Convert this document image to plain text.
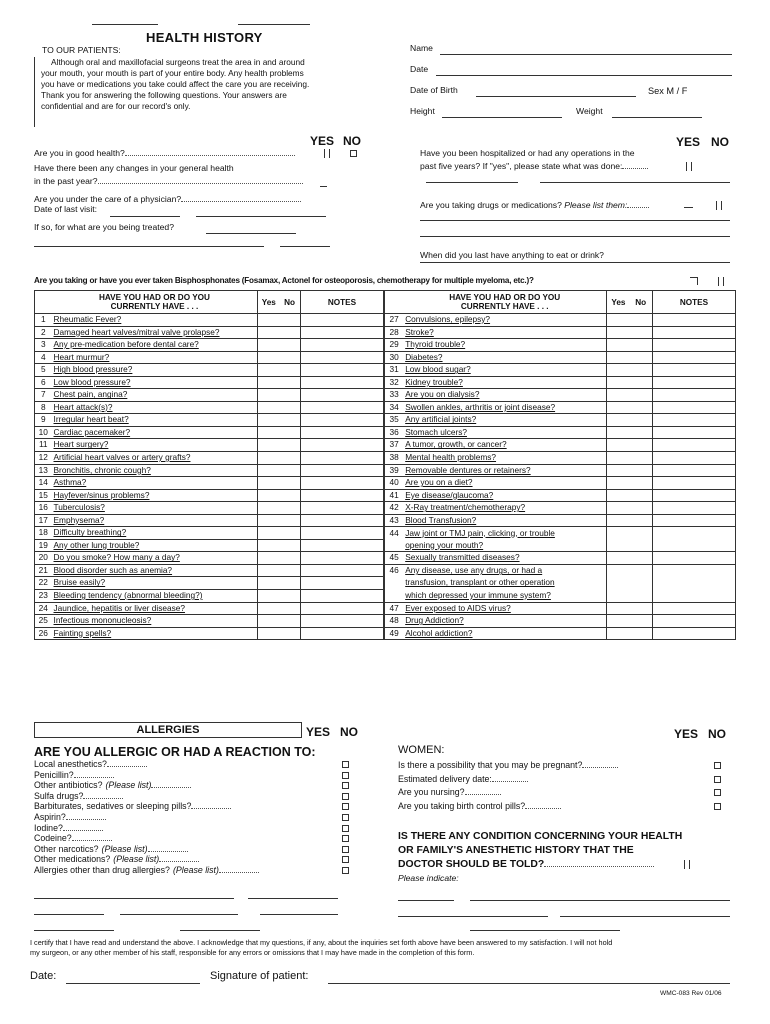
HEALTH HISTORY
TO OUR PATIENTS:
Although oral and maxillofacial surgeons treat the area in and around
your mouth, your mouth is part of your entire body. Any health problems
you have or medications you take could affect the care you are receiving.
Thank you for answering the following questions. Your answers are
confidential and are for our record's only.
Name
Date
Date of Birth	Sex M / F
Height	Weight
YES NO	YES NO
Are you in good health?
Have there been any changes in your general health
in the past year?
Are you under the care of a physician?
Date of last visit:
If so, for what are you being treated?
Have you been hospitalized or had any operations in the
past five years? If "yes", please state what was done:
Are you taking drugs or medications? Please list them:
When did you last have anything to eat or drink?
Are you taking or have you ever taken Bisphosphonates (Fosamax, Actonel for osteoporosis, chemotherapy for multiple myeloma, etc.)?

	HAVE YOU HAD OR DO YOU CURRENTLY HAVE . . .	Yes	No	NOTES
1	Rheumatic Fever?			
2	Damaged heart valves/mitral valve prolapse?			
3	Any pre-medication before dental care?			
4	Heart murmur?			
5	High blood pressure?			
6	Low blood pressure?			
7	Chest pain, angina?			
8	Heart attack(s)?			
9	Irregular heart beat?			
10	Cardiac pacemaker?			
11	Heart surgery?			
12	Artificial heart valves or artery grafts?			
13	Bronchitis, chronic cough?			
14	Asthma?			
15	Hayfever/sinus problems?			
16	Tuberculosis?			
17	Emphysema?			
18	Difficulty breathing?			
19	Any other lung trouble?			
20	Do you smoke? How many a day?			
21	Blood disorder such as anemia?			
22	Bruise easily?			
23	Bleeding tendency (abnormal bleeding?)			
24	Jaundice, hepatitis or liver disease?			
25	Infectious mononucleosis?			
26	Fainting spells?			

	HAVE YOU HAD OR DO YOU CURRENTLY HAVE . . .	Yes	No	NOTES
27	Convulsions, epilepsy?			
28	Stroke?			
29	Thyroid trouble?			
30	Diabetes?			
31	Low blood sugar?			
32	Kidney trouble?			
33	Are you on dialysis?			
34	Swollen ankles, arthritis or joint disease?			
35	Any artificial joints?			
36	Stomach ulcers?			
37	A tumor, growth, or cancer?			
38	Mental health problems?			
39	Removable dentures or retainers?			
40	Are you on a diet?			
41	Eye disease/glaucoma?			
42	X-Ray treatment/chemotherapy?			
43	Blood Transfusion?			
44	Jaw joint or TMJ pain, clicking, or trouble			
	opening your mouth?			
45	Sexually transmitted diseases?			
46	Any disease, use any drugs, or had a			
	transfusion, transplant or other operation			
	which depressed your immune system?			
47	Ever exposed to AIDS virus?			
48	Drug Addiction?			
49	Alcohol addiction?			
ALLERGIES	YES NO	YES NO
ARE YOU ALLERGIC OR HAD A REACTION TO:
Local anesthetics?
Penicillin?
Other antibiotics? (Please list)
Sulfa drugs?
Barbiturates, sedatives or sleeping pills?
Aspirin?
Iodine?
Codeine?
Other narcotics? (Please list)
Other medications? (Please list)
Allergies other than drug allergies? (Please list)
WOMEN:
Is there a possibility that you may be pregnant?
Estimated delivery date:
Are you nursing?
Are you taking birth control pills?
IS THERE ANY CONDITION CONCERNING YOUR HEALTH
OR FAMILY'S ANESTHETIC HISTORY THAT THE
DOCTOR SHOULD BE TOLD?
Please indicate:
I certify that I have read and understand the above. I acknowledge that my questions, if any, about the inquiries set forth above have been answered to my satisfaction. I will not hold
my surgeon, or any other member of his staff, responsible for any errors or omissions that I may have made in the completion of this form.
Date:	Signature of patient:
WMC-083 Rev 01/06
